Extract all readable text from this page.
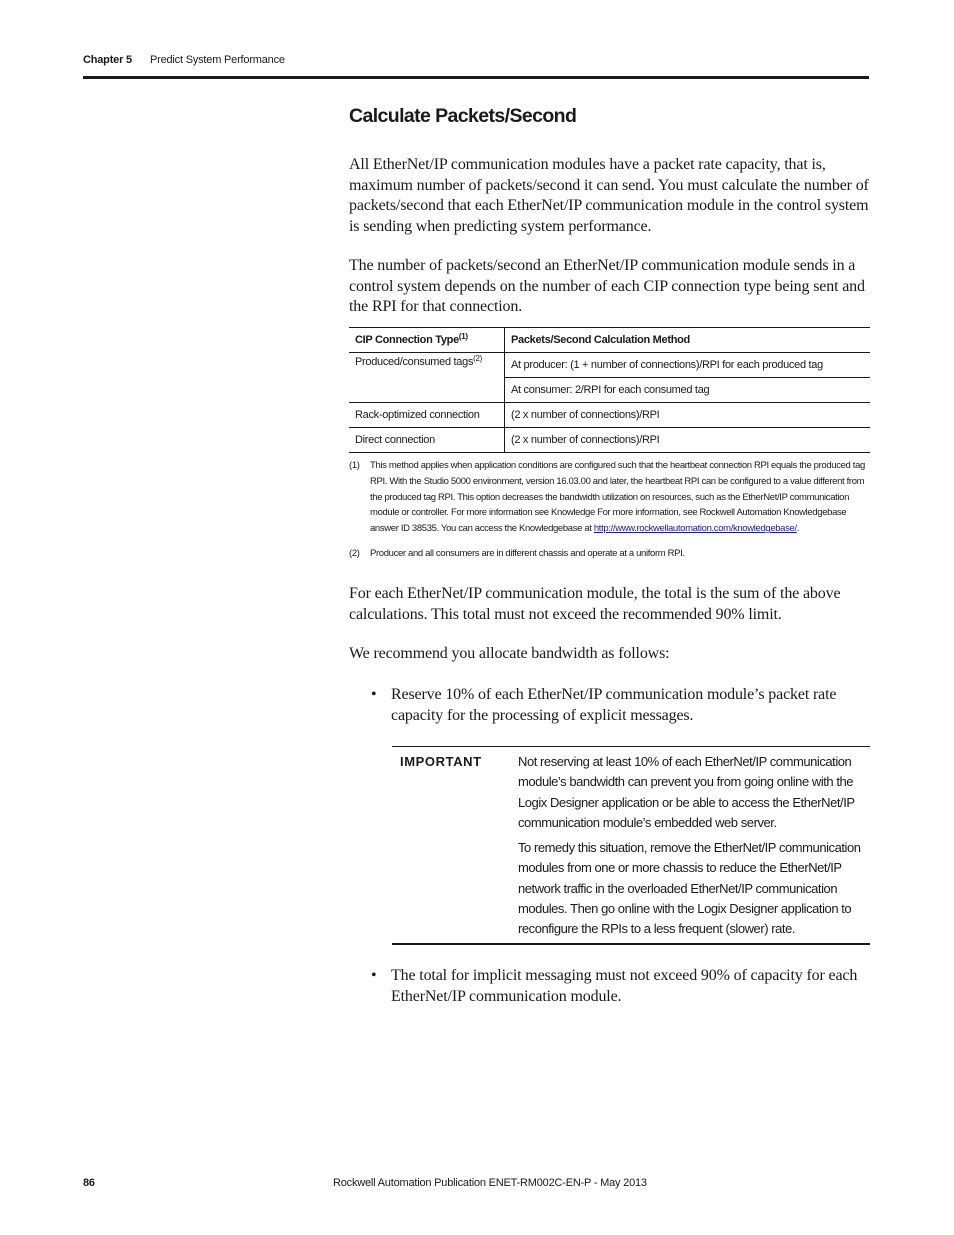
Chapter 5 Predict System Performance
Calculate Packets/Second

All EtherNet/IP communication modules have a packet rate capacity, that is, maximum number of packets/second it can send. You must calculate the number of packets/second that each EtherNet/IP communication module in the control system is sending when predicting system performance.

The number of packets/second an EtherNet/IP communication module sends in a control system depends on the number of each CIP connection type being sent and the RPI for that connection.

CIP Connection Type$^{(1)}$	Packets/Second Calculation Method
Produced/consumed tags$^{(2)}$	At producer: (1 + number of connections)/RPI for each produced tag
	At consumer: 2/RPI for each consumed tag
Rack-optimized connection	(2 x number of connections)/RPI
Direct connection	(2 x number of connections)/RPI
(1) This method applies when application conditions are configured such that the heartbeat connection RPI equals the produced tag RPI. With the Studio 5000 environment, version 16.03.00 and later, the heartbeat RPI can be configured to a value different from the produced tag RPI. This option decreases the bandwidth utilization on resources, such as the EtherNet/IP communication module or controller. For more information see Knowledge For more information, see Rockwell Automation Knowledgebase answer ID 38535. You can access the Knowledgebase at http://www.rockwellautomation.com/knowledgebase/.
(2) Producer and all consumers are in different chassis and operate at a uniform RPI.

For each EtherNet/IP communication module, the total is the sum of the above calculations. This total must not exceed the recommended 90% limit.

We recommend you allocate bandwidth as follows:

• Reserve 10% of each EtherNet/IP communication module’s packet rate capacity for the processing of explicit messages.
IMPORTANT	Not reserving at least 10% of each EtherNet/IP communication module’s bandwidth can prevent you from going online with the Logix Designer application or be able to access the EtherNet/IP communication module’s embedded web server.

To remedy this situation, remove the EtherNet/IP communication modules from one or more chassis to reduce the EtherNet/IP network traffic in the overloaded EtherNet/IP communication modules. Then go online with the Logix Designer application to reconfigure the RPIs to a less frequent (slower) rate.

• The total for implicit messaging must not exceed 90% of capacity for each EtherNet/IP communication module.
86	Rockwell Automation Publication ENET-RM002C-EN-P - May 2013
